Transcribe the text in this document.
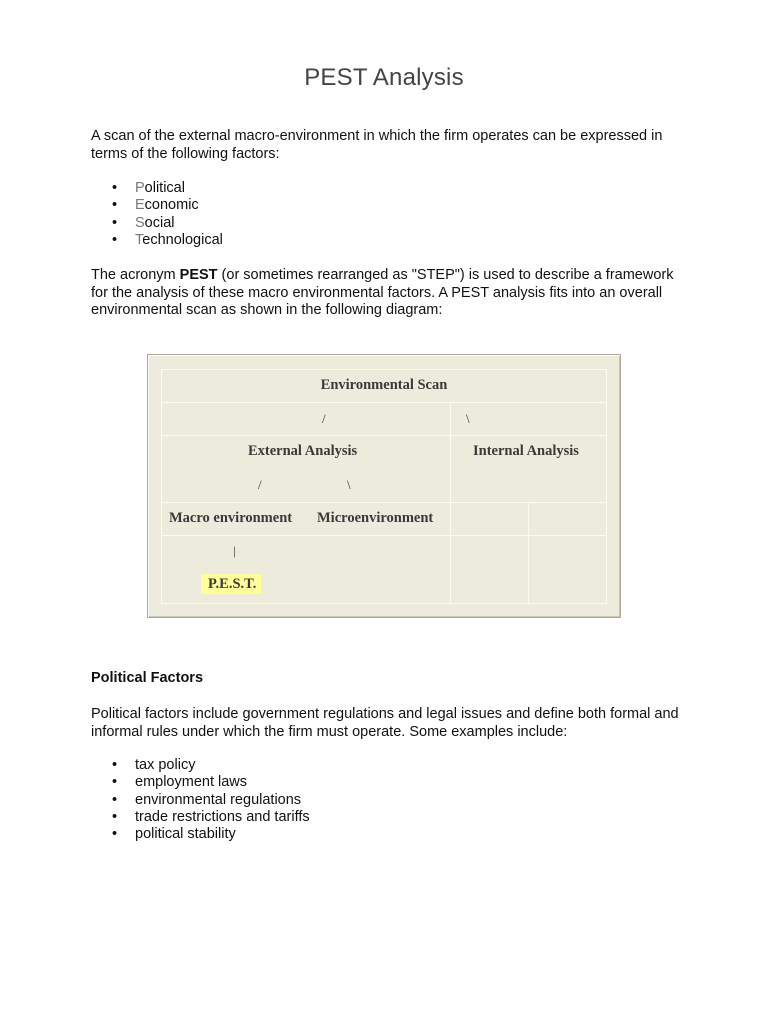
PEST Analysis
A scan of the external macro-environment in which the firm operates can be expressed in terms of the following factors:
• Political
• Economic
• Social
• Technological
The acronym PEST (or sometimes rearranged as "STEP") is used to describe a framework for the analysis of these macro environmental factors. A PEST analysis fits into an overall environmental scan as shown in the following diagram:
Environmental Scan
/	\
External Analysis	Internal Analysis
/	\
Macro environment Microenvironment
|
P.E.S.T.
Political Factors
Political factors include government regulations and legal issues and define both formal and informal rules under which the firm must operate. Some examples include:
• tax policy
• employment laws
• environmental regulations
• trade restrictions and tariffs
• political stability
